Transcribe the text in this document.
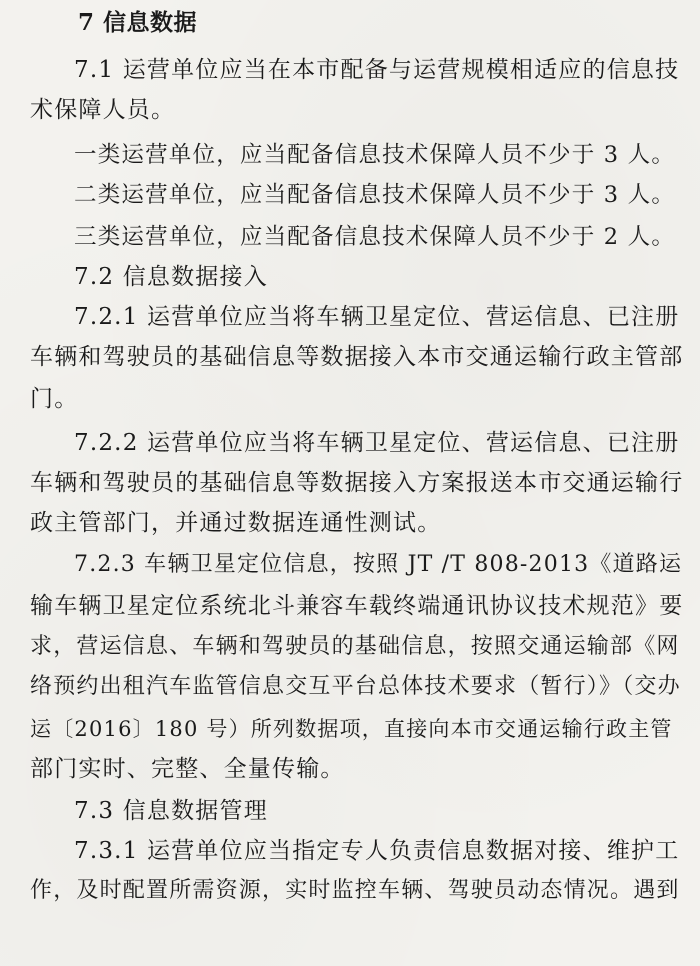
7 信息数据
7.1 运营单位应当在本市配备与运营规模相适应的信息技
术保障人员。
一类运营单位，应当配备信息技术保障人员不少于 3 人。
二类运营单位，应当配备信息技术保障人员不少于 3 人。
三类运营单位，应当配备信息技术保障人员不少于 2 人。
7.2 信息数据接入
7.2.1 运营单位应当将车辆卫星定位、营运信息、已注册
车辆和驾驶员的基础信息等数据接入本市交通运输行政主管部
门。
7.2.2 运营单位应当将车辆卫星定位、营运信息、已注册
车辆和驾驶员的基础信息等数据接入方案报送本市交通运输行
政主管部门，并通过数据连通性测试。
7.2.3 车辆卫星定位信息，按照 JT /T 808-2013《道路运
输车辆卫星定位系统北斗兼容车载终端通讯协议技术规范》要
求，营运信息、车辆和驾驶员的基础信息，按照交通运输部《网
络预约出租汽车监管信息交互平台总体技术要求（暂行）》（交办
运〔2016〕180 号）所列数据项，直接向本市交通运输行政主管
部门实时、完整、全量传输。
7.3 信息数据管理
7.3.1 运营单位应当指定专人负责信息数据对接、维护工
作，及时配置所需资源，实时监控车辆、驾驶员动态情况。遇到
